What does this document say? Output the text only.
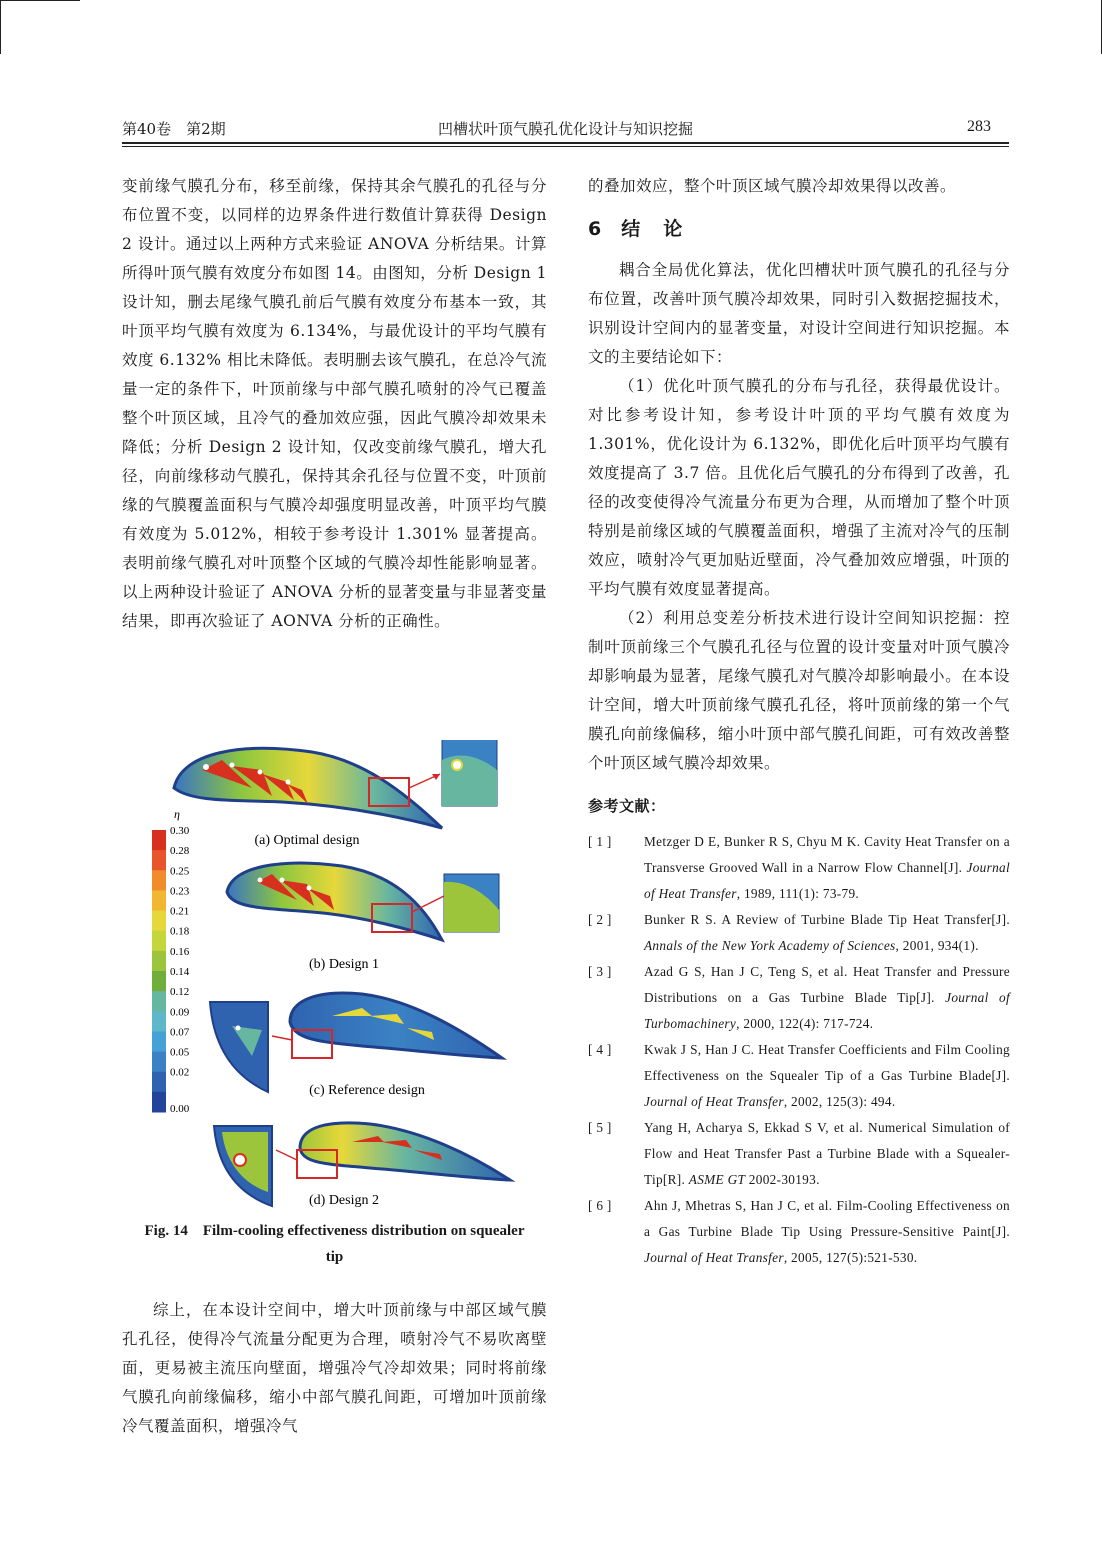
第40卷　第2期	凹槽状叶顶气膜孔优化设计与知识挖掘	283

变前缘气膜孔分布，移至前缘，保持其余气膜孔的孔径与分布位置不变，以同样的边界条件进行数值计算获得 Design 2 设计。通过以上两种方式来验证 ANOVA 分析结果。计算所得叶顶气膜有效度分布如图 14。由图知，分析 Design 1 设计知，删去尾缘气膜孔前后气膜有效度分布基本一致，其叶顶平均气膜有效度为 6.134%，与最优设计的平均气膜有效度 6.132% 相比未降低。表明删去该气膜孔，在总冷气流量一定的条件下，叶顶前缘与中部气膜孔喷射的冷气已覆盖整个叶顶区域，且冷气的叠加效应强，因此气膜冷却效果未降低；分析 Design 2 设计知，仅改变前缘气膜孔，增大孔径，向前缘移动气膜孔，保持其余孔径与位置不变，叶顶前缘的气膜覆盖面积与气膜冷却强度明显改善，叶顶平均气膜有效度为 5.012%，相较于参考设计 1.301% 显著提高。表明前缘气膜孔对叶顶整个区域的气膜冷却性能影响显著。以上两种设计验证了 ANOVA 分析的显著变量与非显著变量结果，即再次验证了 AONVA 分析的正确性。

η
0.30
0.28
0.25
0.23
0.21
0.18
0.16
0.14
0.12
0.09
0.07
0.05
0.02
0.00
(a) Optimal design
(b) Design 1
(c) Reference design
(d) Design 2
Fig. 14　Film-cooling effectiveness distribution on squealer
tip
综上，在本设计空间中，增大叶顶前缘与中部区域气膜孔孔径，使得冷气流量分配更为合理，喷射冷气不易吹离壁面，更易被主流压向壁面，增强冷气冷却效果；同时将前缘气膜孔向前缘偏移，缩小中部气膜孔间距，可增加叶顶前缘冷气覆盖面积，增强冷气

的叠加效应，整个叶顶区域气膜冷却效果得以改善。

6 结　论

耦合全局优化算法，优化凹槽状叶顶气膜孔的孔径与分布位置，改善叶顶气膜冷却效果，同时引入数据挖掘技术，识别设计空间内的显著变量，对设计空间进行知识挖掘。本文的主要结论如下：

（1）优化叶顶气膜孔的分布与孔径，获得最优设计。对比参考设计知，参考设计叶顶的平均气膜有效度为 1.301%，优化设计为 6.132%，即优化后叶顶平均气膜有效度提高了 3.7 倍。且优化后气膜孔的分布得到了改善，孔径的改变使得冷气流量分布更为合理，从而增加了整个叶顶特别是前缘区域的气膜覆盖面积，增强了主流对冷气的压制效应，喷射冷气更加贴近壁面，冷气叠加效应增强，叶顶的平均气膜有效度显著提高。

（2）利用总变差分析技术进行设计空间知识挖掘：控制叶顶前缘三个气膜孔孔径与位置的设计变量对叶顶气膜冷却影响最为显著，尾缘气膜孔对气膜冷却影响最小。在本设计空间，增大叶顶前缘气膜孔孔径，将叶顶前缘的第一个气膜孔向前缘偏移，缩小叶顶中部气膜孔间距，可有效改善整个叶顶区域气膜冷却效果。

参考文献：
[ 1 ] Metzger D E, Bunker R S, Chyu M K. Cavity Heat Transfer on a Transverse Grooved Wall in a Narrow Flow Channel[J]. Journal of Heat Transfer, 1989, 111(1): 73-79.
[ 2 ] Bunker R S. A Review of Turbine Blade Tip Heat Transfer[J]. Annals of the New York Academy of Sciences, 2001, 934(1).
[ 3 ] Azad G S, Han J C, Teng S, et al. Heat Transfer and Pressure Distributions on a Gas Turbine Blade Tip[J]. Journal of Turbomachinery, 2000, 122(4): 717-724.
[ 4 ] Kwak J S, Han J C. Heat Transfer Coefficients and Film Cooling Effectiveness on the Squealer Tip of a Gas Turbine Blade[J]. Journal of Heat Transfer, 2002, 125(3): 494.
[ 5 ] Yang H, Acharya S, Ekkad S V, et al. Numerical Simulation of Flow and Heat Transfer Past a Turbine Blade with a Squealer-Tip[R]. ASME GT 2002-30193.
[ 6 ] Ahn J, Mhetras S, Han J C, et al. Film-Cooling Effectiveness on a Gas Turbine Blade Tip Using Pressure-Sensitive Paint[J]. Journal of Heat Transfer, 2005, 127(5):521-530.
